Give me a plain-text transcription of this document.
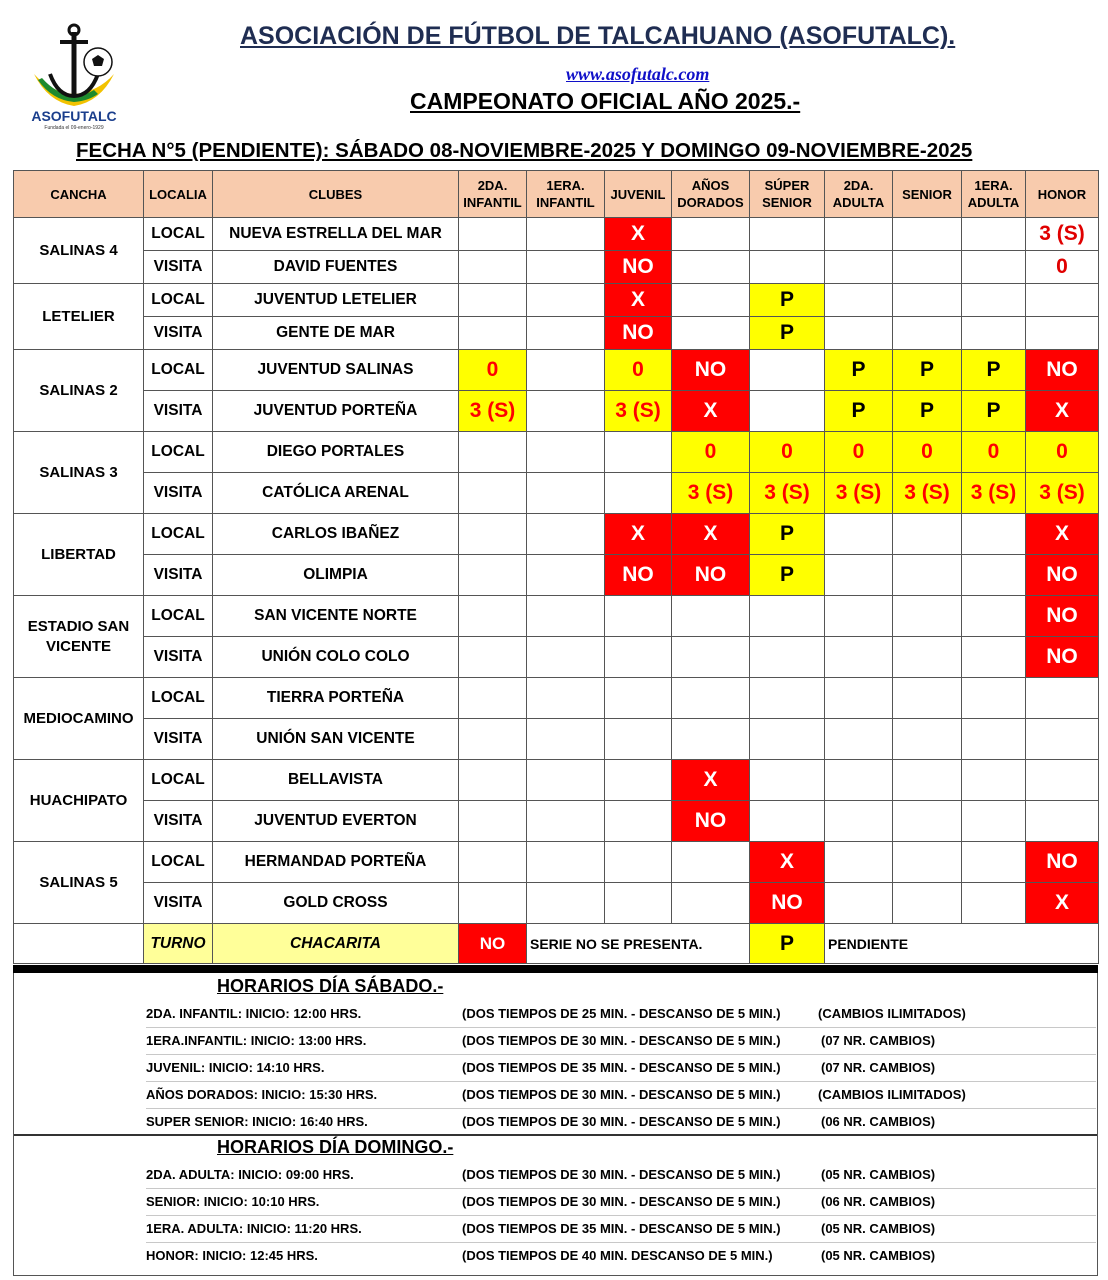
ASOFUTALC
Fundada el 09-enero-1929
ASOCIACIÓN DE FÚTBOL DE TALCAHUANO (ASOFUTALC).
www.asofutalc.com
CAMPEONATO OFICIAL AÑO 2025.-
FECHA N°5 (PENDIENTE): SÁBADO 08-NOVIEMBRE-2025 Y DOMINGO 09-NOVIEMBRE-2025
CANCHA	LOCALIA	CLUBES	2DA. INFANTIL	1ERA. INFANTIL	JUVENIL	AÑOS DORADOS	SÚPER SENIOR	2DA. ADULTA	SENIOR	1ERA. ADULTA	HONOR
SALINAS 4	LOCAL	NUEVA ESTRELLA DEL MAR			X						3 (S)
	VISITA	DAVID FUENTES			NO						0
LETELIER	LOCAL	JUVENTUD LETELIER			X		P				
	VISITA	GENTE DE MAR			NO		P				
SALINAS 2	LOCAL	JUVENTUD SALINAS	0		0	NO		P	P	P	NO
	VISITA	JUVENTUD PORTEÑA	3 (S)		3 (S)	X		P	P	P	X
SALINAS 3	LOCAL	DIEGO PORTALES				0	0	0	0	0	0
	VISITA	CATÓLICA ARENAL				3 (S)	3 (S)	3 (S)	3 (S)	3 (S)	3 (S)
LIBERTAD	LOCAL	CARLOS IBAÑEZ			X	X	P				X
	VISITA	OLIMPIA			NO	NO	P				NO
ESTADIO SAN VICENTE	LOCAL	SAN VICENTE NORTE									NO
	VISITA	UNIÓN COLO COLO									NO
MEDIOCAMINO	LOCAL	TIERRA PORTEÑA									
	VISITA	UNIÓN SAN VICENTE									
HUACHIPATO	LOCAL	BELLAVISTA				X					
	VISITA	JUVENTUD EVERTON				NO					
SALINAS 5	LOCAL	HERMANDAD PORTEÑA					X				NO
	VISITA	GOLD CROSS					NO				X
	TURNO	CHACARITA	NO	SERIE NO SE PRESENTA.			P	PENDIENTE			
HORARIOS DÍA SÁBADO.-
2DA. INFANTIL: INICIO: 12:00 HRS.	(DOS TIEMPOS DE 25 MIN. - DESCANSO DE 5 MIN.)	(CAMBIOS ILIMITADOS)
1ERA.INFANTIL: INICIO: 13:00 HRS.	(DOS TIEMPOS DE 30 MIN. - DESCANSO DE 5 MIN.)	(07 NR. CAMBIOS)
JUVENIL: INICIO: 14:10 HRS.	(DOS TIEMPOS DE 35 MIN. - DESCANSO DE 5 MIN.)	(07 NR. CAMBIOS)
AÑOS DORADOS: INICIO: 15:30 HRS.	(DOS TIEMPOS DE 30 MIN. - DESCANSO DE 5 MIN.)	(CAMBIOS ILIMITADOS)
SUPER SENIOR: INICIO: 16:40 HRS.	(DOS TIEMPOS DE 30 MIN. - DESCANSO DE 5 MIN.)	(06 NR. CAMBIOS)
HORARIOS DÍA DOMINGO.-
2DA. ADULTA: INICIO: 09:00 HRS.	(DOS TIEMPOS DE 30 MIN. - DESCANSO DE 5 MIN.)	(05 NR. CAMBIOS)
SENIOR: INICIO: 10:10 HRS.	(DOS TIEMPOS DE 30 MIN. - DESCANSO DE 5 MIN.)	(06 NR. CAMBIOS)
1ERA. ADULTA: INICIO: 11:20 HRS.	(DOS TIEMPOS DE 35 MIN. - DESCANSO DE 5 MIN.)	(05 NR. CAMBIOS)
HONOR: INICIO: 12:45 HRS.	(DOS TIEMPOS DE 40 MIN. DESCANSO DE 5 MIN.)	(05 NR. CAMBIOS)
